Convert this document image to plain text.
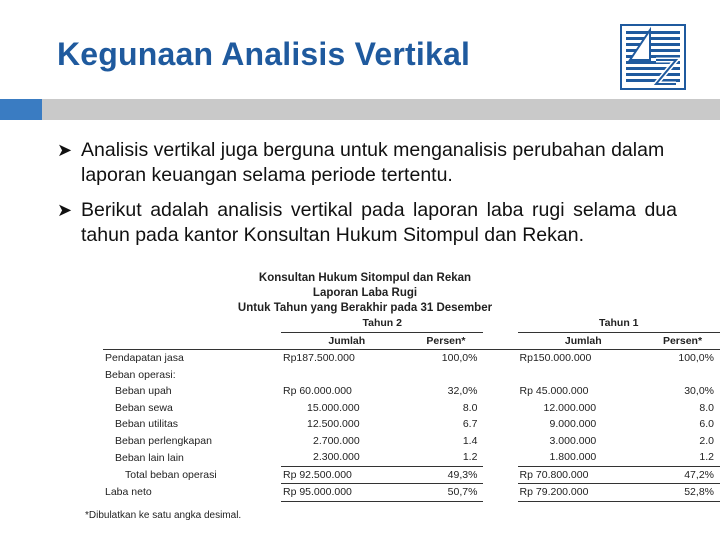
Kegunaan Analisis Vertikal
➤ Analisis vertikal juga berguna untuk menganalisis perubahan dalam laporan keuangan selama periode tertentu.
➤ Berikut adalah analisis vertikal pada laporan laba rugi selama dua tahun pada kantor Konsultan Hukum Sitompul dan Rekan.
Konsultan Hukum Sitompul dan Rekan
Laporan Laba Rugi
Untuk Tahun yang Berakhir pada 31 Desember
	Tahun 2			Tahun 1	
	Jumlah	Persen*		Jumlah	Persen*
Pendapatan jasa	Rp187.500.000	100,0%		Rp150.000.000	100,0%
Beban operasi:					
Beban upah	Rp 60.000.000	32,0%		Rp 45.000.000	30,0%
Beban sewa	15.000.000	8.0		12.000.000	8.0
Beban utilitas	12.500.000	6.7		9.000.000	6.0
Beban perlengkapan	2.700.000	1.4		3.000.000	2.0
Beban lain lain	2.300.000	1.2		1.800.000	1.2
Total beban operasi	Rp 92.500.000	49,3%		Rp 70.800.000	47,2%
Laba neto	Rp 95.000.000	50,7%		Rp 79.200.000	52,8%
*Dibulatkan ke satu angka desimal.
